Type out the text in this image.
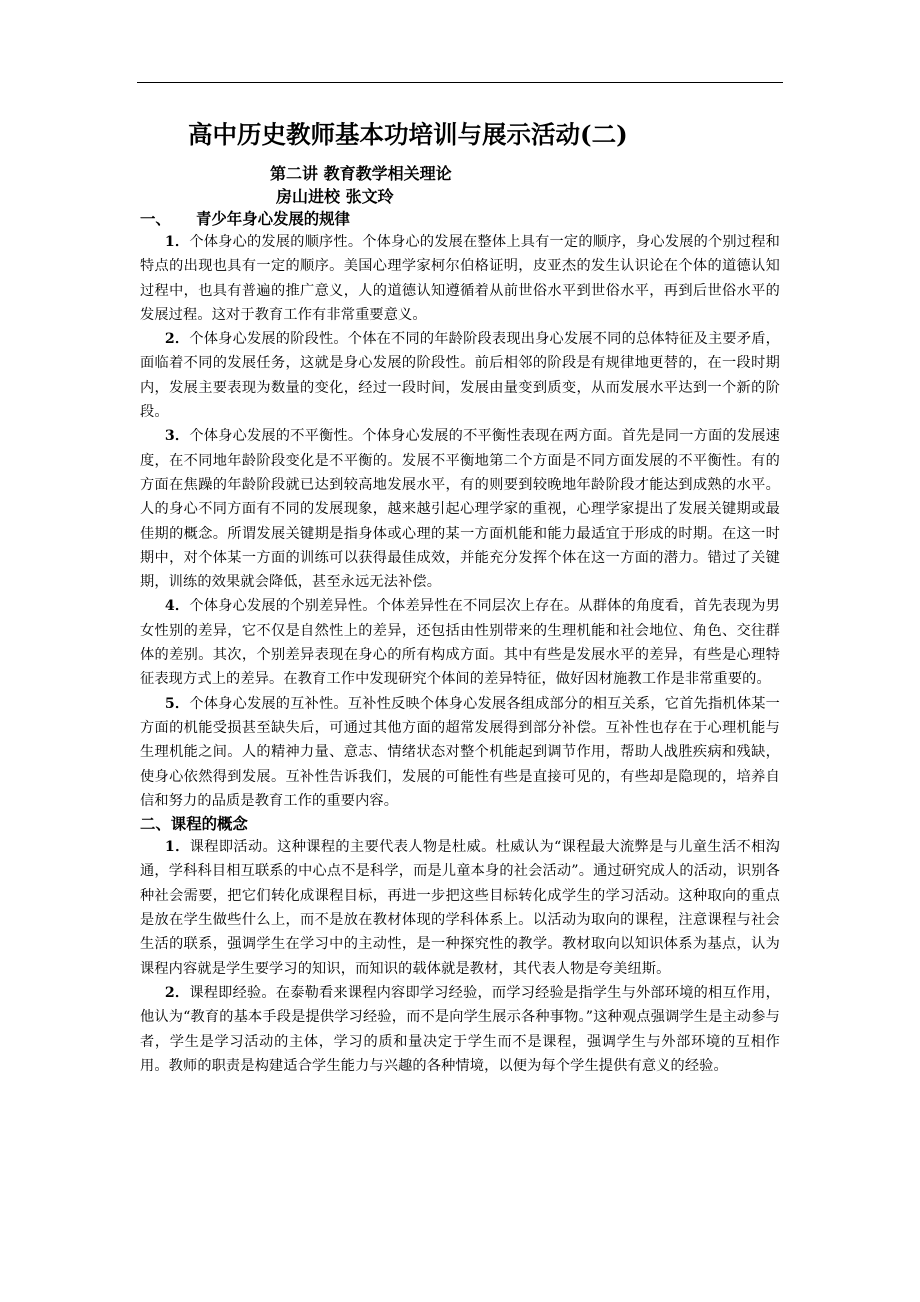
高中历史教师基本功培训与展示活动(二)
第二讲 教育教学相关理论
房山进校 张文玲
一、 青少年身心发展的规律

1．个体身心的发展的顺序性。个体身心的发展在整体上具有一定的顺序，身心发展的个别过程和特点的出现也具有一定的顺序。美国心理学家柯尔伯格证明，皮亚杰的发生认识论在个体的道德认知过程中，也具有普遍的推广意义，人的道德认知遵循着从前世俗水平到世俗水平，再到后世俗水平的发展过程。这对于教育工作有非常重要意义。

2．个体身心发展的阶段性。个体在不同的年龄阶段表现出身心发展不同的总体特征及主要矛盾，面临着不同的发展任务，这就是身心发展的阶段性。前后相邻的阶段是有规律地更替的，在一段时期内，发展主要表现为数量的变化，经过一段时间，发展由量变到质变，从而发展水平达到一个新的阶段。

3．个体身心发展的不平衡性。个体身心发展的不平衡性表现在两方面。首先是同一方面的发展速度，在不同地年龄阶段变化是不平衡的。发展不平衡地第二个方面是不同方面发展的不平衡性。有的方面在焦躁的年龄阶段就已达到较高地发展水平，有的则要到较晚地年龄阶段才能达到成熟的水平。人的身心不同方面有不同的发展现象，越来越引起心理学家的重视，心理学家提出了发展关键期或最佳期的概念。所谓发展关键期是指身体或心理的某一方面机能和能力最适宜于形成的时期。在这一时期中，对个体某一方面的训练可以获得最佳成效，并能充分发挥个体在这一方面的潜力。错过了关键期，训练的效果就会降低，甚至永远无法补偿。

4．个体身心发展的个别差异性。个体差异性在不同层次上存在。从群体的角度看，首先表现为男女性别的差异，它不仅是自然性上的差异，还包括由性别带来的生理机能和社会地位、角色、交往群体的差别。其次，个别差异表现在身心的所有构成方面。其中有些是发展水平的差异，有些是心理特征表现方式上的差异。在教育工作中发现研究个体间的差异特征，做好因材施教工作是非常重要的。

5．个体身心发展的互补性。互补性反映个体身心发展各组成部分的相互关系，它首先指机体某一方面的机能受损甚至缺失后，可通过其他方面的超常发展得到部分补偿。互补性也存在于心理机能与生理机能之间。人的精神力量、意志、情绪状态对整个机能起到调节作用，帮助人战胜疾病和残缺，使身心依然得到发展。互补性告诉我们，发展的可能性有些是直接可见的，有些却是隐现的，培养自信和努力的品质是教育工作的重要内容。

二、课程的概念

1．课程即活动。这种课程的主要代表人物是杜威。杜威认为“课程最大流弊是与儿童生活不相沟通，学科科目相互联系的中心点不是科学，而是儿童本身的社会活动”。通过研究成人的活动，识别各种社会需要，把它们转化成课程目标，再进一步把这些目标转化成学生的学习活动。这种取向的重点是放在学生做些什么上，而不是放在教材体现的学科体系上。以活动为取向的课程，注意课程与社会生活的联系，强调学生在学习中的主动性，是一种探究性的教学。教材取向以知识体系为基点，认为课程内容就是学生要学习的知识，而知识的载体就是教材，其代表人物是夸美纽斯。

2．课程即经验。在泰勒看来课程内容即学习经验，而学习经验是指学生与外部环境的相互作用，他认为“教育的基本手段是提供学习经验，而不是向学生展示各种事物。”这种观点强调学生是主动参与者，学生是学习活动的主体，学习的质和量决定于学生而不是课程，强调学生与外部环境的互相作用。教师的职责是构建适合学生能力与兴趣的各种情境，以便为每个学生提供有意义的经验。
